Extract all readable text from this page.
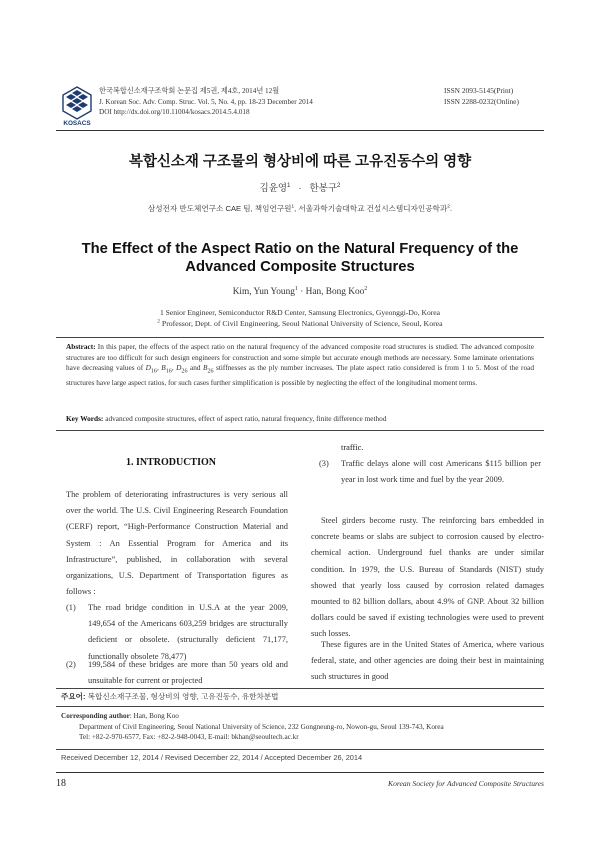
KOSACS
한국복합신소재구조학회 논문집 제5권, 제4호, 2014년 12월
J. Korean Soc. Adv. Comp. Struc. Vol. 5, No. 4, pp. 18-23 December 2014
DOI http://dx.doi.org/10.11004/kosacs.2014.5.4.018
ISSN 2093-5145(Print)
ISSN 2288-0232(Online)
복합신소재 구조물의 형상비에 따른 고유진동수의 영향
김윤영$^1$ · 한봉구$^2$
삼성전자 반도체연구소 CAE 팀, 책임연구원$^1$, 서울과학기술대학교 건설시스템디자인공학과$^2$.
The Effect of the Aspect Ratio on the Natural Frequency of the
Advanced Composite Structures
Kim, Yun Young$^1$ · Han, Bong Koo$^2$
1 Senior Engineer, Semiconductor R&D Center, Samsung Electronics, Gyeonggi-Do, Korea
$^2$ Professor, Dept. of Civil Engineering, Seoul National University of Science, Seoul, Korea
Abstract: In this paper, the effects of the aspect ratio on the natural frequency of the advanced composite road structures is studied. The advanced composite structures are too difficult for such design engineers for construction and some simple but accurate enough methods are necessary. Some laminate orientations have decreasing values of $D_{16}$, $B_{16}$, $D_{26}$ and $B_{26}$ stiffnesses as the ply number increases. The plate aspect ratio considered is from 1 to 5. Most of the road structures have large aspect ratios, for such cases further simplification is possible by neglecting the effect of the longitudinal moment terms.
Key Words: advanced composite structures, effect of aspect ratio, natural frequency, finite difference method
1. INTRODUCTION
The problem of deteriorating infrastructures is very serious all over the world. The U.S. Civil Engineering Research Foundation (CERF) report, “High-Performance Construction Material and System : An Essential Program for America and its Infrastructure”, published, in collaboration with several organizations, U.S. Department of Transportation figures as follows :
(1) The road bridge condition in U.S.A at the year 2009, 149,654 of the Americans 603,259 bridges are structurally deficient or obsolete. (structurally deficient 71,177, functionally obsolete 78,477)
(2) 199,584 of these bridges are more than 50 years old and unsuitable for current or projected
traffic.
(3) Traffic delays alone will cost Americans $115 billion per year in lost work time and fuel by the year 2009.
Steel girders become rusty. The reinforcing bars embedded in concrete beams or slabs are subject to corrosion caused by electro-chemical action. Underground fuel thanks are under similar condition. In 1979, the U.S. Bureau of Standards (NIST) study showed that yearly loss caused by corrosion related damages mounted to 82 billion dollars, about 4.9% of GNP. About 32 billion dollars could be saved if existing technologies were used to prevent such losses.
These figures are in the United States of America, where various federal, state, and other agencies are doing their best in maintaining such structures in good
주요어: 복합신소재구조물, 형상비의 영향, 고유진동수, 유한차분법
Corresponding author: Han, Bong Koo
Department of Civil Engineering, Seoul National University of Science, 232 Gongneung-ro, Nowon-gu, Seoul 139-743, Korea
Tel: +82-2-970-6577, Fax: +82-2-948-0043, E-mail: bkhan@seoultech.ac.kr
Received December 12, 2014 / Revised December 22, 2014 / Accepted December 26, 2014
18	Korean Society for Advanced Composite Structures
